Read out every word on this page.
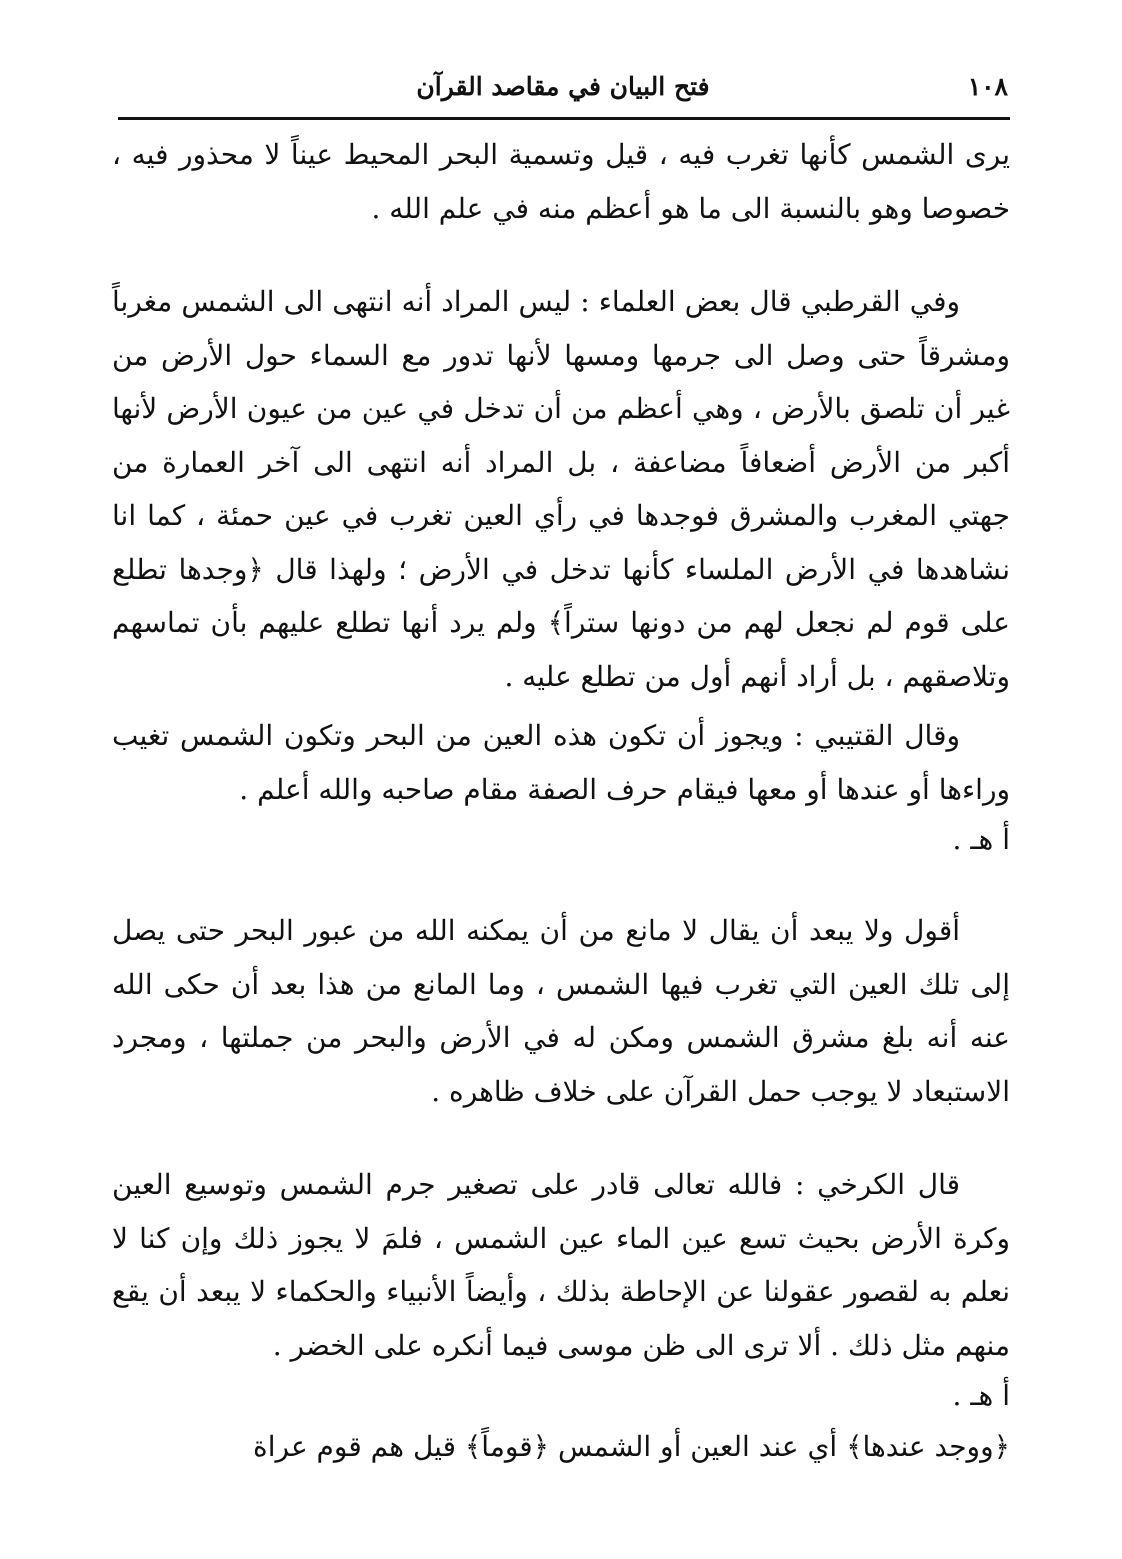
١٠٨
فتح البيان في مقاصد القرآن

يرى الشمس كأنها تغرب فيه ، قيل وتسمية البحر المحيط عيناً لا محذور فيه ، خصوصا وهو بالنسبة الى ما هو أعظم منه في علم الله .

وفي القرطبي قال بعض العلماء : ليس المراد أنه انتهى الى الشمس مغرباً ومشرقاً حتى وصل الى جرمها ومسها لأنها تدور مع السماء حول الأرض من غير أن تلصق بالأرض ، وهي أعظم من أن تدخل في عين من عيون الأرض لأنها أكبر من الأرض أضعافاً مضاعفة ، بل المراد أنه انتهى الى آخر العمارة من جهتي المغرب والمشرق فوجدها في رأي العين تغرب في عين حمئة ، كما انا نشاهدها في الأرض الملساء كأنها تدخل في الأرض ؛ ولهذا قال ﴿وجدها تطلع على قوم لم نجعل لهم من دونها ستراً﴾ ولم يرد أنها تطلع عليهم بأن تماسهم وتلاصقهم ، بل أراد أنهم أول من تطلع عليه .

وقال القتيبي : ويجوز أن تكون هذه العين من البحر وتكون الشمس تغيب وراءها أو عندها أو معها فيقام حرف الصفة مقام صاحبه والله أعلم .

أ هـ .

أقول ولا يبعد أن يقال لا مانع من أن يمكنه الله من عبور البحر حتى يصل إلى تلك العين التي تغرب فيها الشمس ، وما المانع من هذا بعد أن حكى الله عنه أنه بلغ مشرق الشمس ومكن له في الأرض والبحر من جملتها ، ومجرد الاستبعاد لا يوجب حمل القرآن على خلاف ظاهره .

قال الكرخي : فالله تعالى قادر على تصغير جرم الشمس وتوسيع العين وكرة الأرض بحيث تسع عين الماء عين الشمس ، فلمَ لا يجوز ذلك وإن كنا لا نعلم به لقصور عقولنا عن الإحاطة بذلك ، وأيضاً الأنبياء والحكماء لا يبعد أن يقع منهم مثل ذلك . ألا ترى الى ظن موسى فيما أنكره على الخضر .

أ هـ .

﴿ووجد عندها﴾ أي عند العين أو الشمس ﴿قوماً﴾ قيل هم قوم عراة
